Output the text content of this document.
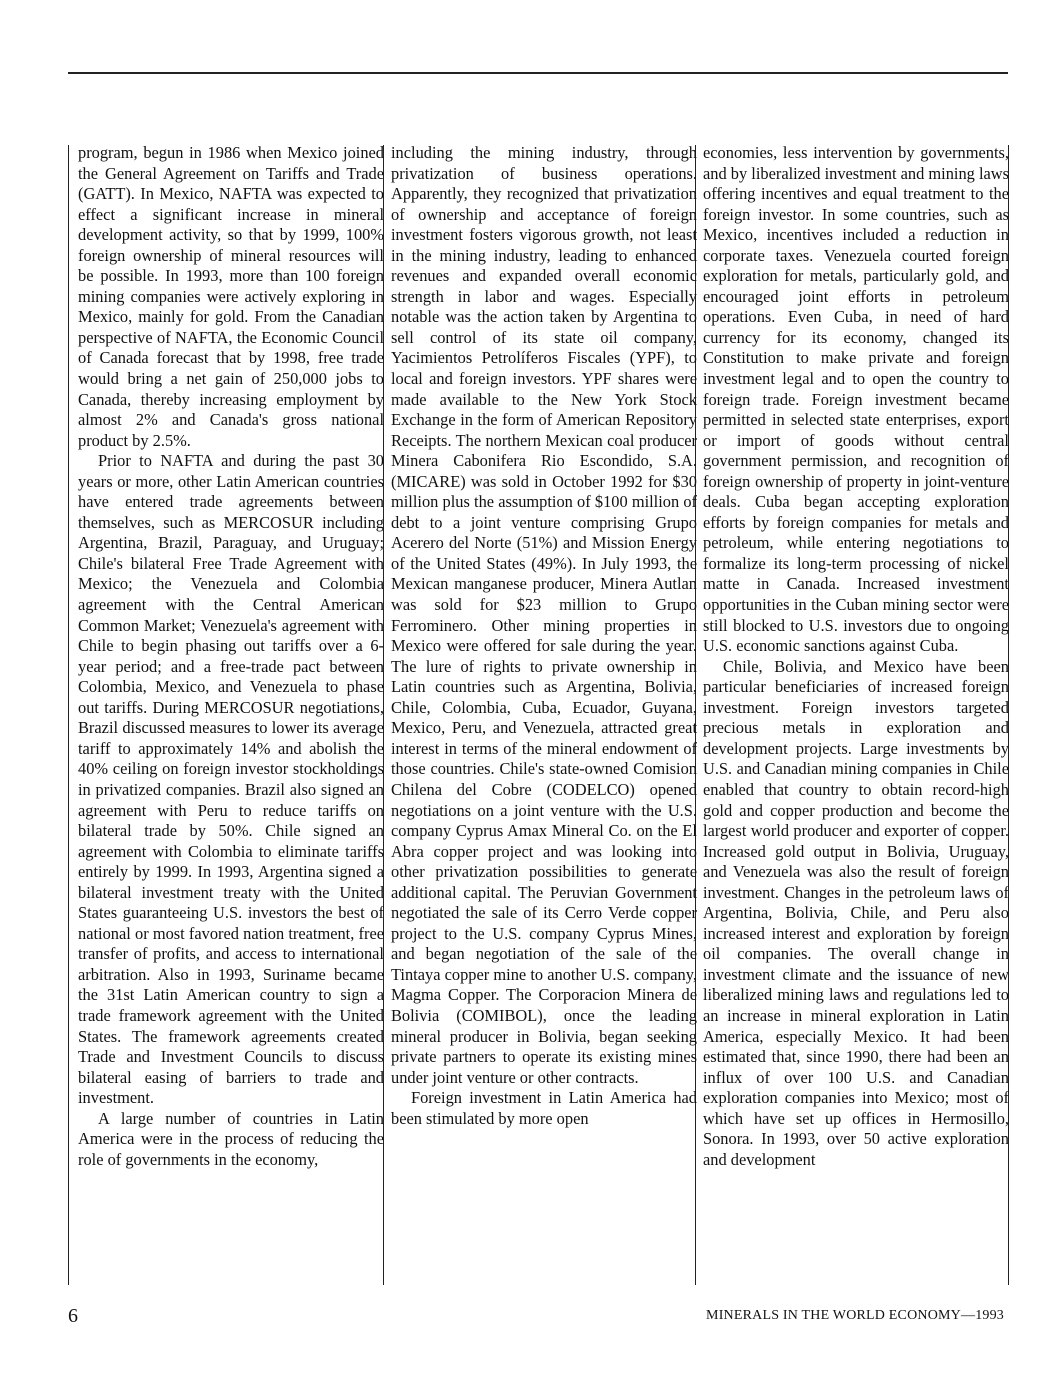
program, begun in 1986 when Mexico joined the General Agreement on Tariffs and Trade (GATT). In Mexico, NAFTA was expected to effect a significant increase in mineral development activity, so that by 1999, 100% foreign ownership of mineral resources will be possible. In 1993, more than 100 foreign mining companies were actively exploring in Mexico, mainly for gold. From the Canadian perspective of NAFTA, the Economic Council of Canada forecast that by 1998, free trade would bring a net gain of 250,000 jobs to Canada, thereby increasing employment by almost 2% and Canada's gross national product by 2.5%.

Prior to NAFTA and during the past 30 years or more, other Latin American countries have entered trade agreements between themselves, such as MERCOSUR including Argentina, Brazil, Paraguay, and Uruguay; Chile's bilateral Free Trade Agreement with Mexico; the Venezuela and Colombia agreement with the Central American Common Market; Venezuela's agreement with Chile to begin phasing out tariffs over a 6-year period; and a free-trade pact between Colombia, Mexico, and Venezuela to phase out tariffs. During MERCOSUR negotiations, Brazil discussed measures to lower its average tariff to approximately 14% and abolish the 40% ceiling on foreign investor stockholdings in privatized companies. Brazil also signed an agreement with Peru to reduce tariffs on bilateral trade by 50%. Chile signed an agreement with Colombia to eliminate tariffs entirely by 1999. In 1993, Argentina signed a bilateral investment treaty with the United States guaranteeing U.S. investors the best of national or most favored nation treatment, free transfer of profits, and access to international arbitration. Also in 1993, Suriname became the 31st Latin American country to sign a trade framework agreement with the United States. The framework agreements created Trade and Investment Councils to discuss bilateral easing of barriers to trade and investment.

A large number of countries in Latin America were in the process of reducing the role of governments in the economy,

including the mining industry, through privatization of business operations. Apparently, they recognized that privatization of ownership and acceptance of foreign investment fosters vigorous growth, not least in the mining industry, leading to enhanced revenues and expanded overall economic strength in labor and wages. Especially notable was the action taken by Argentina to sell control of its state oil company, Yacimientos Petrolíferos Fiscales (YPF), to local and foreign investors. YPF shares were made available to the New York Stock Exchange in the form of American Repository Receipts. The northern Mexican coal producer Minera Cabonifera Rio Escondido, S.A. (MICARE) was sold in October 1992 for $30 million plus the assumption of $100 million of debt to a joint venture comprising Grupo Acerero del Norte (51%) and Mission Energy of the United States (49%). In July 1993, the Mexican manganese producer, Minera Autlan was sold for $23 million to Grupo Ferrominero. Other mining properties in Mexico were offered for sale during the year. The lure of rights to private ownership in Latin countries such as Argentina, Bolivia, Chile, Colombia, Cuba, Ecuador, Guyana, Mexico, Peru, and Venezuela, attracted great interest in terms of the mineral endowment of those countries. Chile's state-owned Comision Chilena del Cobre (CODELCO) opened negotiations on a joint venture with the U.S. company Cyprus Amax Mineral Co. on the El Abra copper project and was looking into other privatization possibilities to generate additional capital. The Peruvian Government negotiated the sale of its Cerro Verde copper project to the U.S. company Cyprus Mines, and began negotiation of the sale of the Tintaya copper mine to another U.S. company, Magma Copper. The Corporacion Minera de Bolivia (COMIBOL), once the leading mineral producer in Bolivia, began seeking private partners to operate its existing mines under joint venture or other contracts.

Foreign investment in Latin America had been stimulated by more open

economies, less intervention by governments, and by liberalized investment and mining laws offering incentives and equal treatment to the foreign investor. In some countries, such as Mexico, incentives included a reduction in corporate taxes. Venezuela courted foreign exploration for metals, particularly gold, and encouraged joint efforts in petroleum operations. Even Cuba, in need of hard currency for its economy, changed its Constitution to make private and foreign investment legal and to open the country to foreign trade. Foreign investment became permitted in selected state enterprises, export or import of goods without central government permission, and recognition of foreign ownership of property in joint-venture deals. Cuba began accepting exploration efforts by foreign companies for metals and petroleum, while entering negotiations to formalize its long-term processing of nickel matte in Canada. Increased investment opportunities in the Cuban mining sector were still blocked to U.S. investors due to ongoing U.S. economic sanctions against Cuba.

Chile, Bolivia, and Mexico have been particular beneficiaries of increased foreign investment. Foreign investors targeted precious metals in exploration and development projects. Large investments by U.S. and Canadian mining companies in Chile enabled that country to obtain record-high gold and copper production and become the largest world producer and exporter of copper. Increased gold output in Bolivia, Uruguay, and Venezuela was also the result of foreign investment. Changes in the petroleum laws of Argentina, Bolivia, Chile, and Peru also increased interest and exploration by foreign oil companies. The overall change in investment climate and the issuance of new liberalized mining laws and regulations led to an increase in mineral exploration in Latin America, especially Mexico. It had been estimated that, since 1990, there had been an influx of over 100 U.S. and Canadian exploration companies into Mexico; most of which have set up offices in Hermosillo, Sonora. In 1993, over 50 active exploration and development

6	MINERALS IN THE WORLD ECONOMY—1993
